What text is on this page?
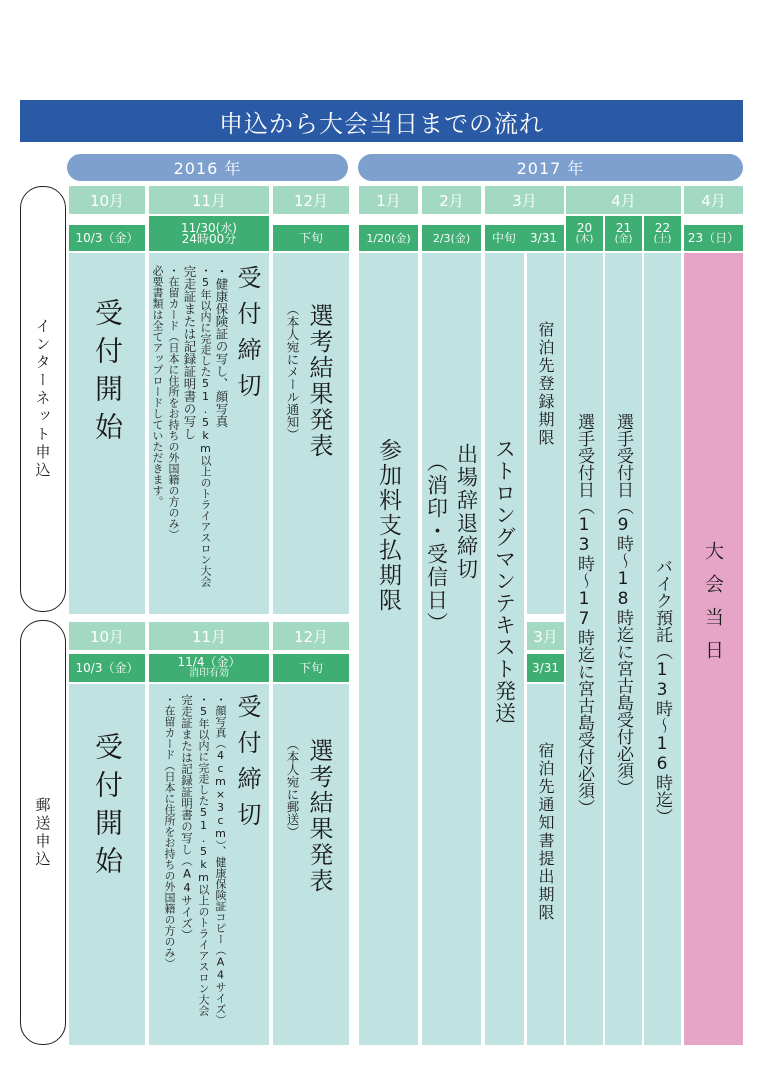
申込から大会当日までの流れ
2016 年	2017 年
インターネット申込
郵送申込
10月
10/3（金）
受付開始
11月
11/30(水)
24時00分
受付締切
・健康保険証の写し、顔写真
・5年以内に完走した51.5km以上のトライアスロン大会
完走証または記録証明書の写し
・在留カード（日本に住所をお持ちの外国籍の方のみ）
必要書類は全てアップロードしていただきます。
12月
下旬
選考結果発表
（本人宛にメール通知）
10月
10/3（金）
受付開始
11月
11/4（金）
消印有効
受付締切
・顔写真（4cm×3cm）、健康保険証コピー（A4サイズ）
・5年以内に完走した51.5km以上のトライアスロン大会
完走証または記録証明書の写し（A4サイズ）
・在留カード（日本に住所をお持ちの外国籍の方のみ）
12月
下旬
選考結果発表
（本人宛に郵送）
1月
1/20(金)
参加料支払期限
2月
2/3(金)
出場辞退締切
（消印・受信日）
3月
中旬 3/31
ストロングマンテキスト発送
宿泊先登録期限
3月
3/31
宿泊先通知書提出期限
4月
20
(木)
21
(金)
22
(土)
選手受付日（13時～17時迄に宮古島受付必須） 選手受付日（9時～18時迄に宮古島受付必須） バイク預託（13時～16時迄）
4月
23（日）
大会当日
